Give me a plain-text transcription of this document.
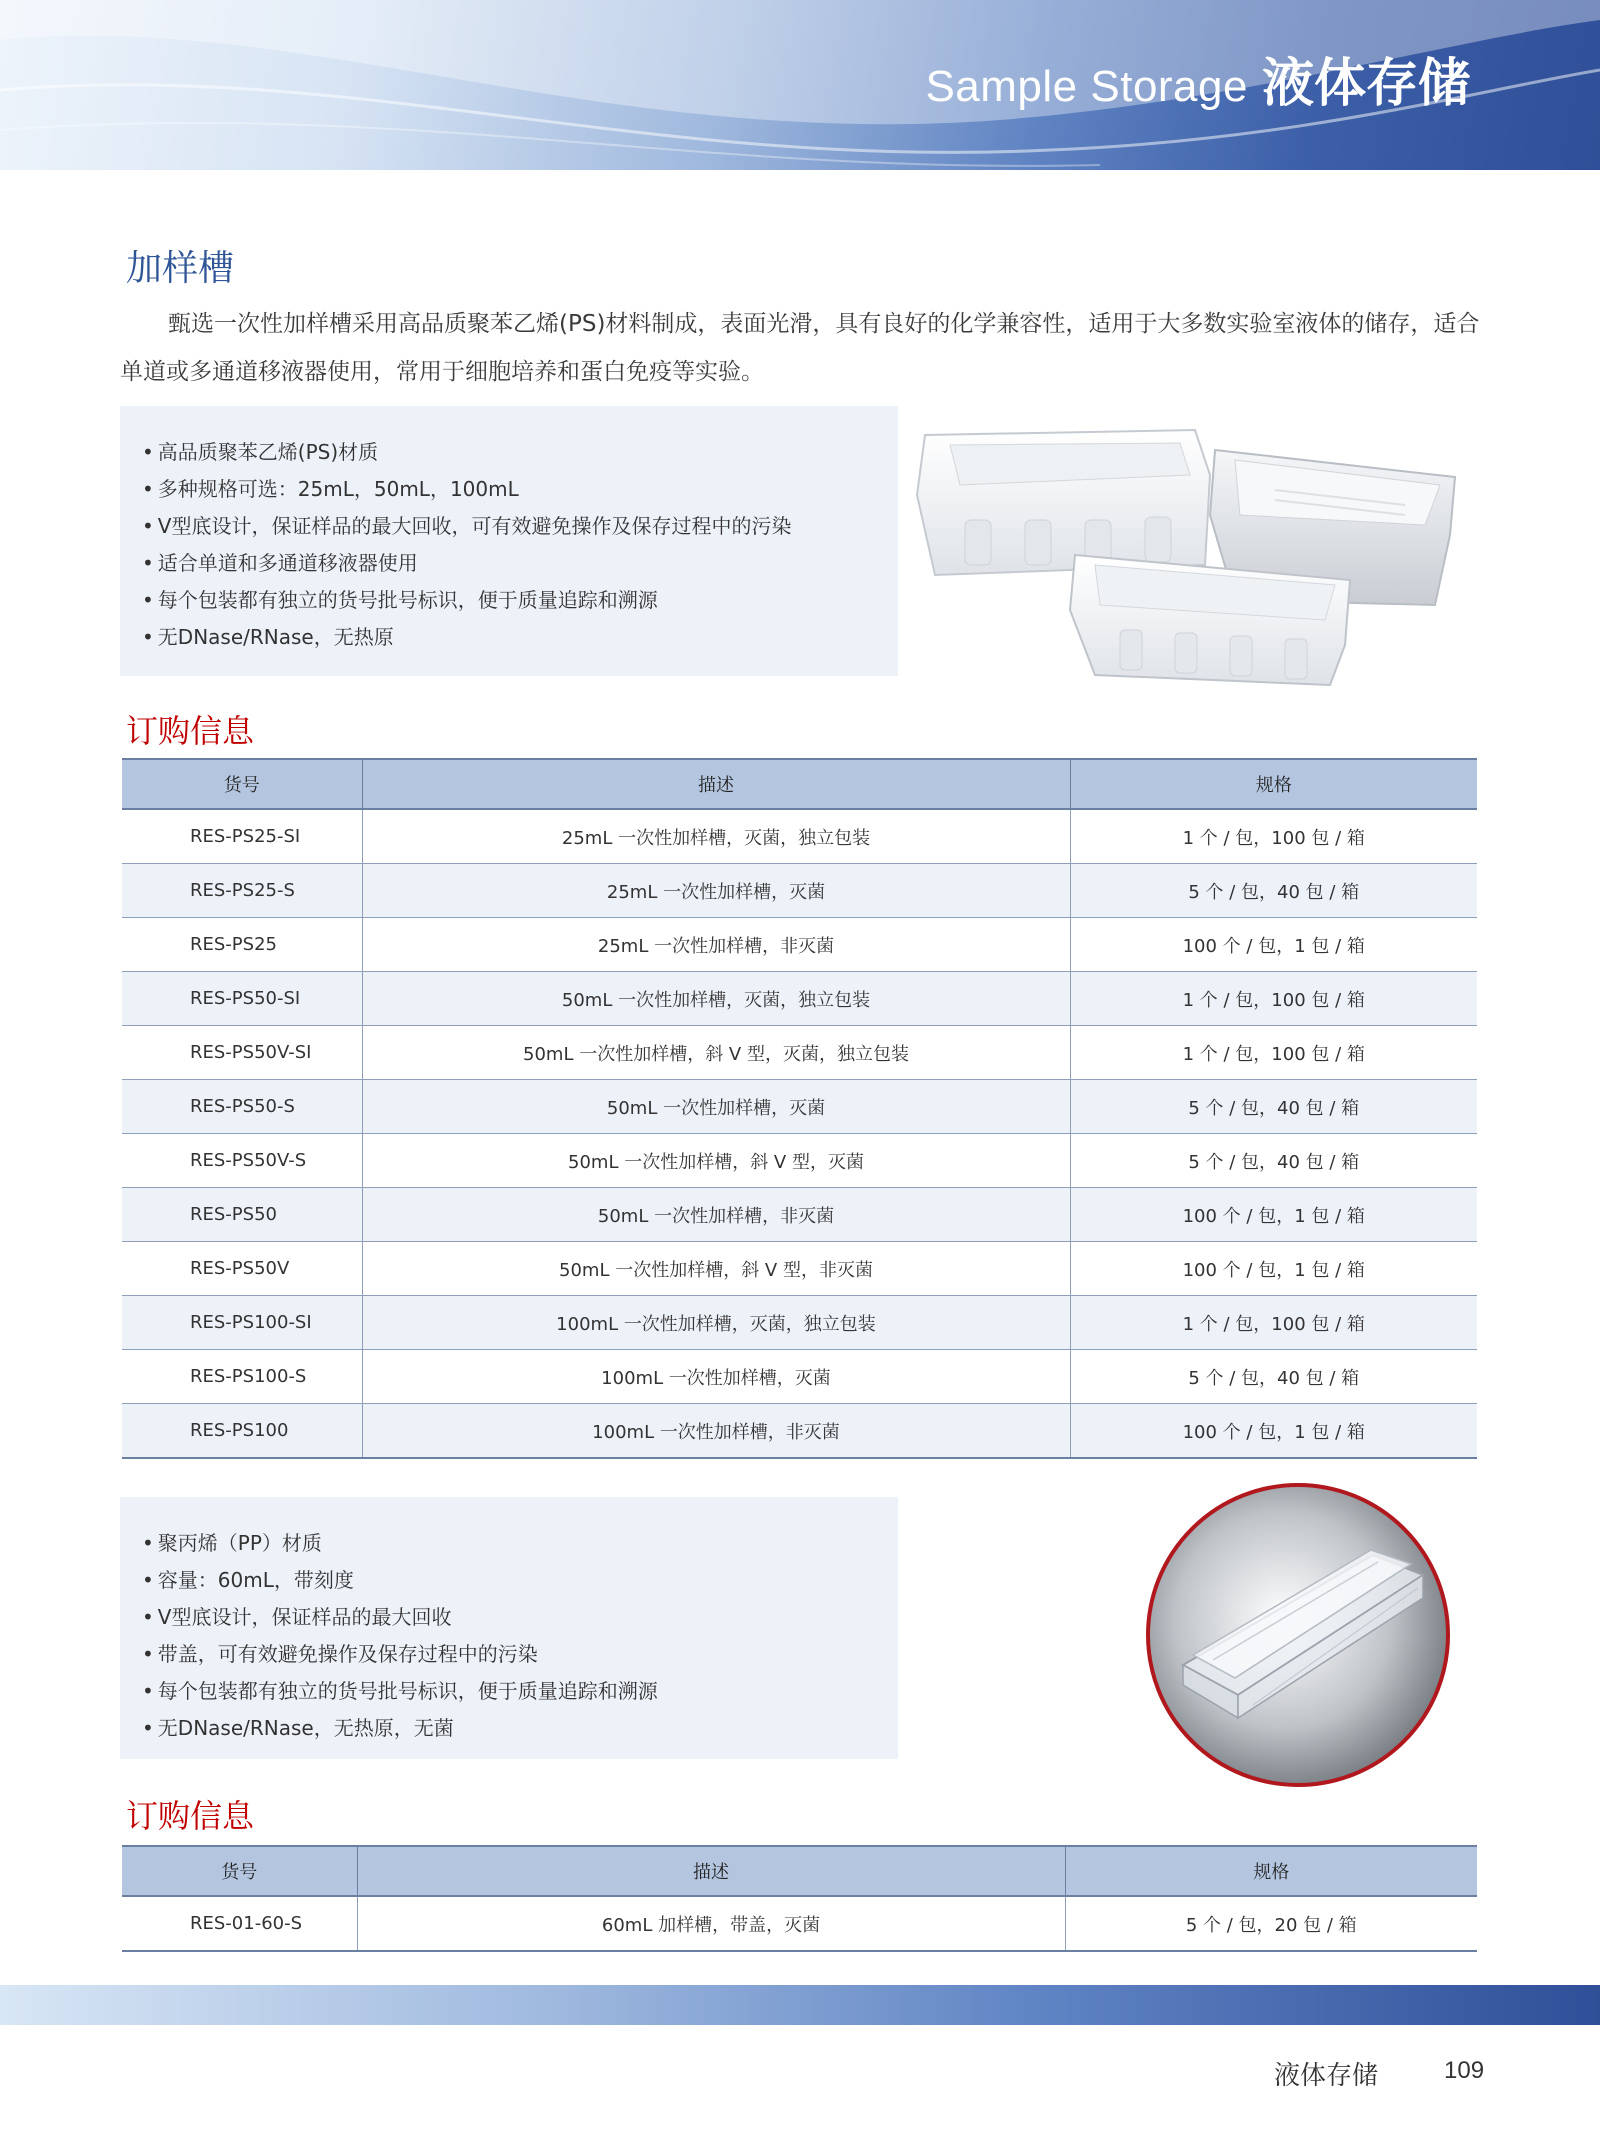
Sample Storage 液体存储
加样槽
甄选一次性加样槽采用高品质聚苯乙烯(PS)材料制成，表面光滑，具有良好的化学兼容性，适用于大多数实验室液体的储存，适合单道或多通道移液器使用，常用于细胞培养和蛋白免疫等实验。
• 高品质聚苯乙烯(PS)材质
• 多种规格可选：25mL，50mL，100mL
• V型底设计，保证样品的最大回收，可有效避免操作及保存过程中的污染
• 适合单道和多通道移液器使用
• 每个包装都有独立的货号批号标识，便于质量追踪和溯源
• 无DNase/RNase，无热原
订购信息
货号	描述	规格
RES-PS25-SI	25mL 一次性加样槽，灭菌，独立包装	1 个 / 包，100 包 / 箱
RES-PS25-S	25mL 一次性加样槽，灭菌	5 个 / 包，40 包 / 箱
RES-PS25	25mL 一次性加样槽，非灭菌	100 个 / 包，1 包 / 箱
RES-PS50-SI	50mL 一次性加样槽，灭菌，独立包装	1 个 / 包，100 包 / 箱
RES-PS50V-SI	50mL 一次性加样槽，斜 V 型，灭菌，独立包装	1 个 / 包，100 包 / 箱
RES-PS50-S	50mL 一次性加样槽，灭菌	5 个 / 包，40 包 / 箱
RES-PS50V-S	50mL 一次性加样槽，斜 V 型，灭菌	5 个 / 包，40 包 / 箱
RES-PS50	50mL 一次性加样槽，非灭菌	100 个 / 包，1 包 / 箱
RES-PS50V	50mL 一次性加样槽，斜 V 型，非灭菌	100 个 / 包，1 包 / 箱
RES-PS100-SI	100mL 一次性加样槽，灭菌，独立包装	1 个 / 包，100 包 / 箱
RES-PS100-S	100mL 一次性加样槽，灭菌	5 个 / 包，40 包 / 箱
RES-PS100	100mL 一次性加样槽，非灭菌	100 个 / 包，1 包 / 箱
• 聚丙烯（PP）材质
• 容量：60mL，带刻度
• V型底设计，保证样品的最大回收
• 带盖，可有效避免操作及保存过程中的污染
• 每个包装都有独立的货号批号标识，便于质量追踪和溯源
• 无DNase/RNase，无热原，无菌
订购信息
货号	描述	规格
RES-01-60-S	60mL 加样槽，带盖，灭菌	5 个 / 包，20 包 / 箱
液体存储	109
